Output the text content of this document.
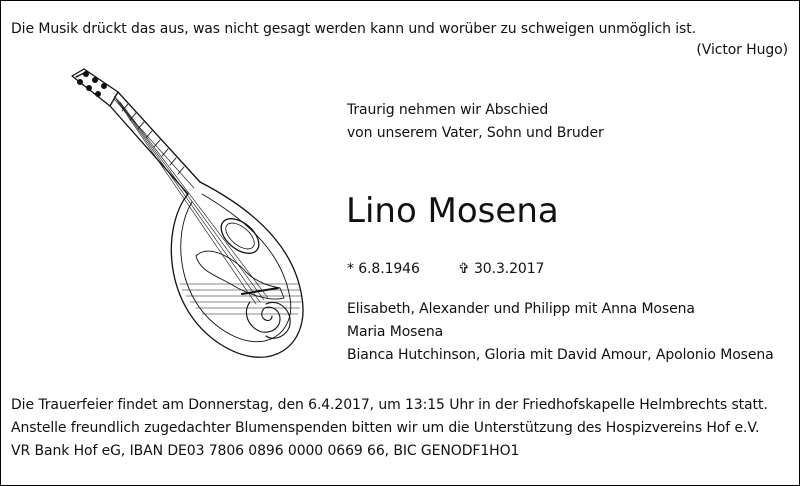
Die Musik drückt das aus, was nicht gesagt werden kann und worüber zu schweigen unmöglich ist.
(Victor Hugo)
Traurig nehmen wir Abschied
von unserem Vater, Sohn und Bruder
Lino Mosena
* 6.8.1946	✞ 30.3.2017
Elisabeth, Alexander und Philipp mit Anna Mosena
Maria Mosena
Bianca Hutchinson, Gloria mit David Amour, Apolonio Mosena
Die Trauerfeier findet am Donnerstag, den 6.4.2017, um 13:15 Uhr in der Friedhofskapelle Helmbrechts statt.
Anstelle freundlich zugedachter Blumenspenden bitten wir um die Unterstützung des Hospizvereins Hof e.V.
VR Bank Hof eG, IBAN DE03 7806 0896 0000 0669 66, BIC GENODF1HO1
